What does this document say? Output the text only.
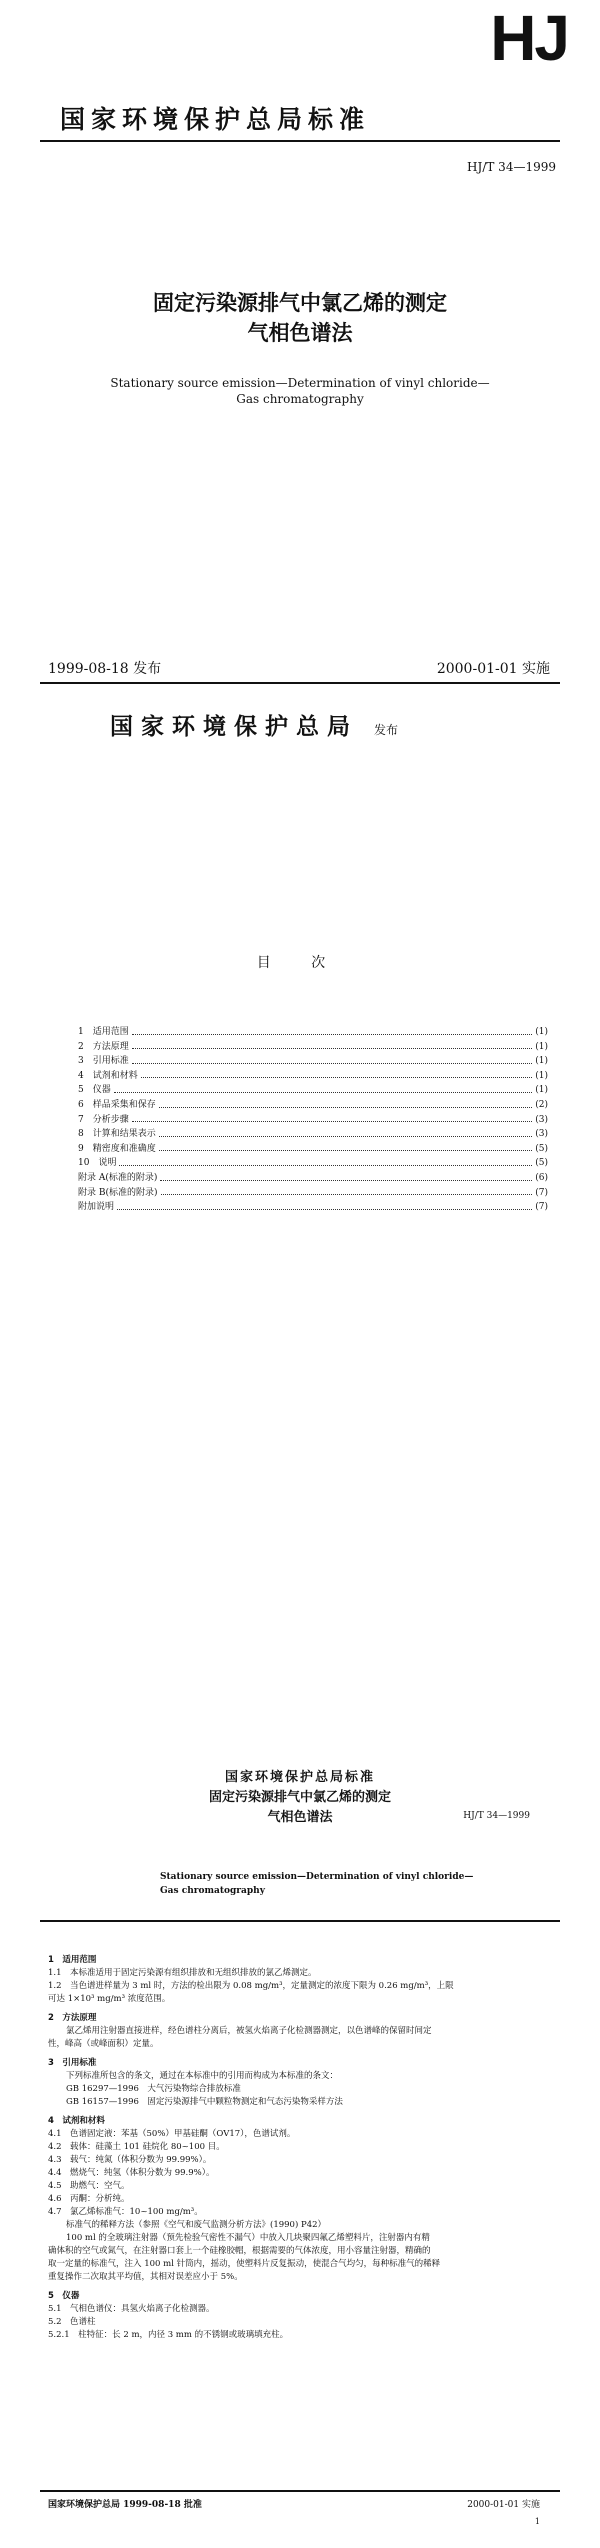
HJ
国家环境保护总局标准
HJ/T 34—1999
固定污染源排气中氯乙烯的测定
气相色谱法
Stationary source emission—Determination of vinyl chloride—
Gas chromatography
1999-08-18 发布	2000-01-01 实施
国家环境保护总局 发布
目 次
1　适用范围	(1)
2　方法原理	(1)
3　引用标准	(1)
4　试剂和材料	(1)
5　仪器	(1)
6　样品采集和保存	(2)
7　分析步骤	(3)
8　计算和结果表示	(3)
9　精密度和准确度	(5)
10　说明	(5)
附录 A(标准的附录)	(6)
附录 B(标准的附录)	(7)
附加说明	(7)
国家环境保护总局标准
固定污染源排气中氯乙烯的测定
气相色谱法	HJ/T 34—1999
Stationary source emission—Determination of vinyl chloride—
Gas chromatography
1　适用范围
1.1　本标准适用于固定污染源有组织排放和无组织排放的氯乙烯测定。
1.2　当色谱进样量为 3 ml 时，方法的检出限为 0.08 mg/m³，定量测定的浓度下限为 0.26 mg/m³，上限
可达 1×10³ mg/m³ 浓度范围。
2　方法原理
氯乙烯用注射器直接进样，经色谱柱分离后，被氢火焰离子化检测器测定，以色谱峰的保留时间定
性，峰高（或峰面积）定量。
3　引用标准
下列标准所包含的条文，通过在本标准中的引用而构成为本标准的条文：
GB 16297—1996　大气污染物综合排放标准
GB 16157—1996　固定污染源排气中颗粒物测定和气态污染物采样方法
4　试剂和材料
4.1　色谱固定液：苯基（50%）甲基硅酮（OV17），色谱试剂。
4.2　载体：硅藻土 101 硅烷化 80~100 目。
4.3　载气：纯氮（体积分数为 99.99%）。
4.4　燃烧气：纯氢（体积分数为 99.9%）。
4.5　助燃气：空气。
4.6　丙酮：分析纯。
4.7　氯乙烯标准气：10~100 mg/m³。
标准气的稀释方法（参照《空气和废气监测分析方法》(1990) P42）
100 ml 的全玻璃注射器（预先检验气密性不漏气）中放入几块聚四氟乙烯塑料片，注射器内有精
确体积的空气或氮气，在注射器口套上一个硅橡胶帽，根据需要的气体浓度，用小容量注射器，精确的
取一定量的标准气，注入 100 ml 针筒内，摇动，使塑料片反复振动，使混合气均匀，每种标准气的稀释
重复操作二次取其平均值，其相对误差应小于 5%。
5　仪器
5.1　气相色谱仪：具氢火焰离子化检测器。
5.2　色谱柱
5.2.1　柱特征：长 2 m，内径 3 mm 的不锈钢或玻璃填充柱。
国家环境保护总局 1999-08-18 批准	2000-01-01 实施
1
